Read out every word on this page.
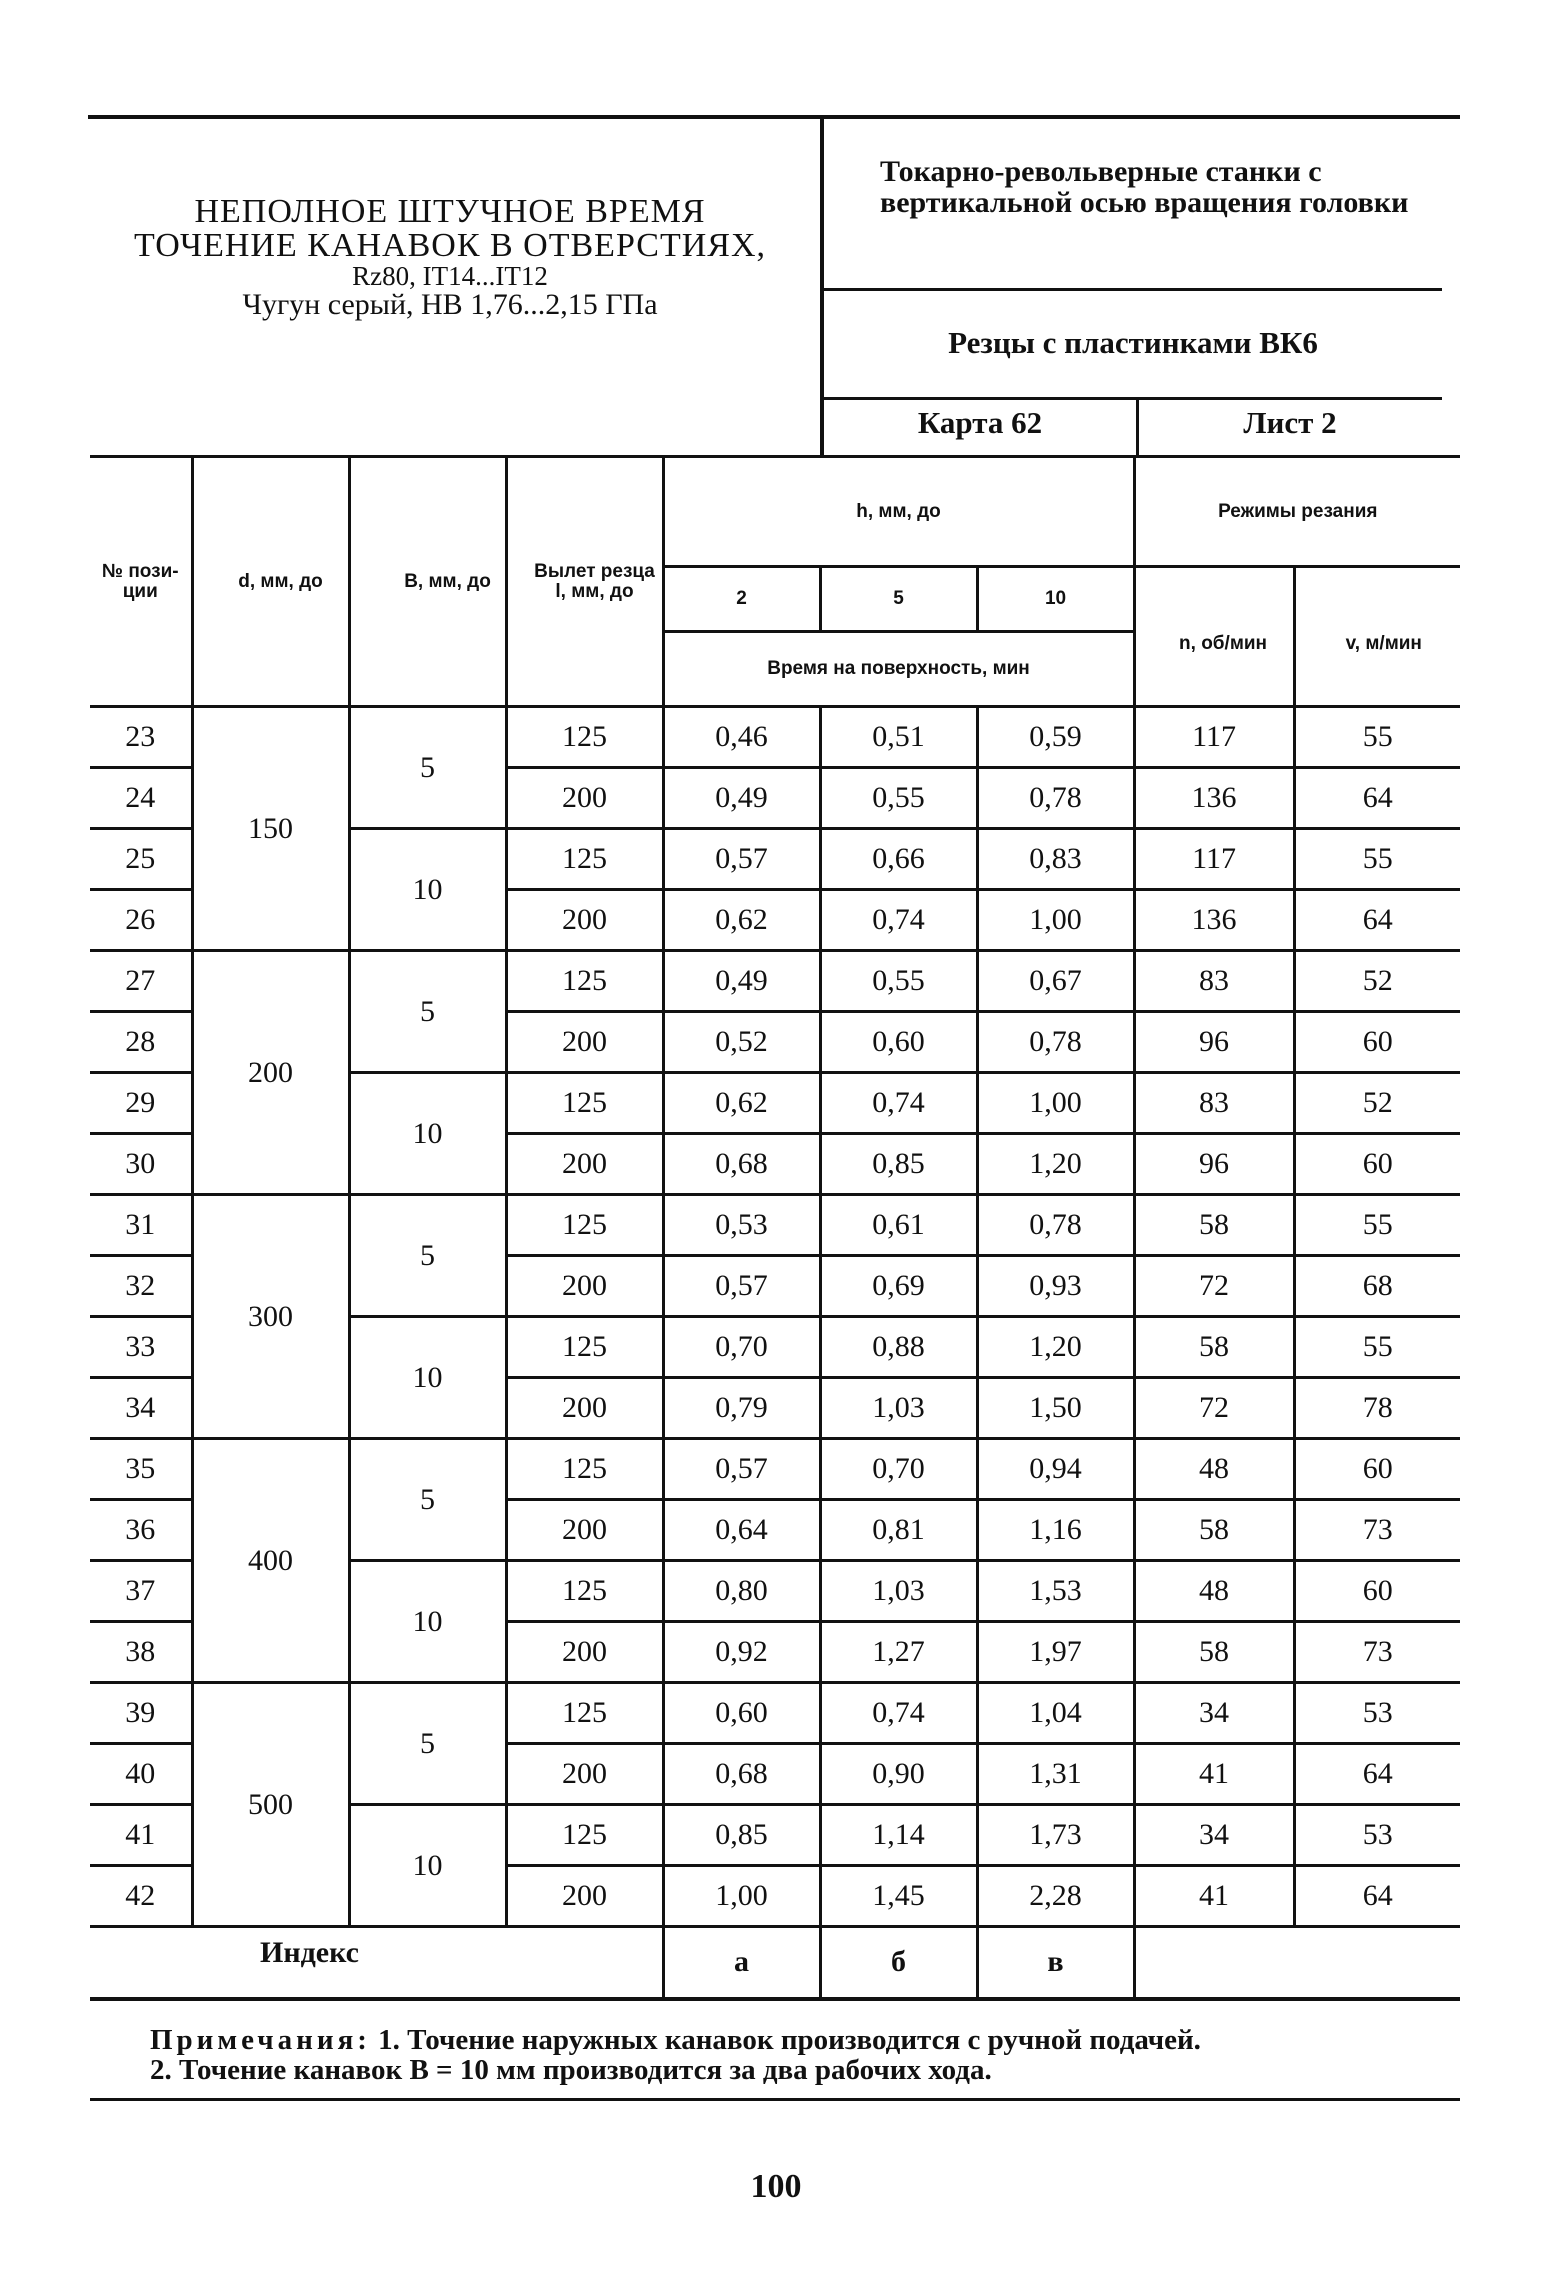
НЕПОЛНОЕ ШТУЧНОЕ ВРЕМЯ
ТОЧЕНИЕ КАНАВОК В ОТВЕРСТИЯХ,
Rz80, IT14...IT12
Чугун серый, НВ 1,76...2,15 ГПа
Токарно-револьверные станки с вертикальной осью вращения головки
Резцы с пластинками ВК6
Карта 62	Лист 2
№ пози-ции	d, мм, до	В, мм, до	Вылет резца l, мм, до	h, мм, до			Режимы резания	
				2	5	10	n, об/мин	v, м/мин
				Время на поверхность, мин				
23	150	5	125	0,46	0,51	0,59	117	55
24			200	0,49	0,55	0,78	136	64
25		10	125	0,57	0,66	0,83	117	55
26			200	0,62	0,74	1,00	136	64
27	200	5	125	0,49	0,55	0,67	83	52
28			200	0,52	0,60	0,78	96	60
29		10	125	0,62	0,74	1,00	83	52
30			200	0,68	0,85	1,20	96	60
31	300	5	125	0,53	0,61	0,78	58	55
32			200	0,57	0,69	0,93	72	68
33		10	125	0,70	0,88	1,20	58	55
34			200	0,79	1,03	1,50	72	78
35	400	5	125	0,57	0,70	0,94	48	60
36			200	0,64	0,81	1,16	58	73
37		10	125	0,80	1,03	1,53	48	60
38			200	0,92	1,27	1,97	58	73
39	500	5	125	0,60	0,74	1,04	34	53
40			200	0,68	0,90	1,31	41	64
41		10	125	0,85	1,14	1,73	34	53
42			200	1,00	1,45	2,28	41	64
Индекс				а	б	в		
Примечания: 1. Точение наружных канавок производится с ручной подачей.
2. Точение канавок В = 10 мм производится за два рабочих хода.
100
